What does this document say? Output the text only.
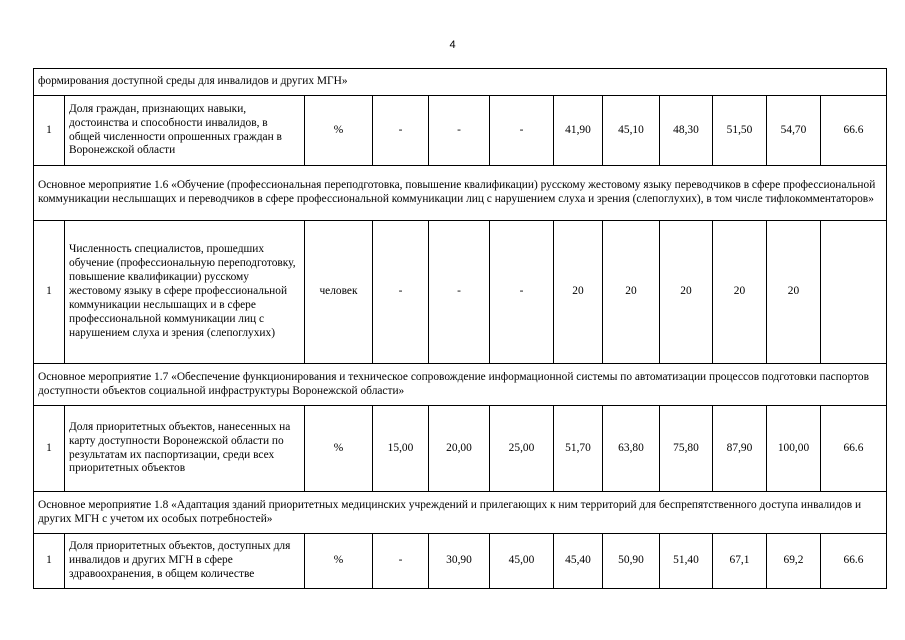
4
формирования доступной среды для инвалидов и других МГН»											
1	Доля граждан, признающих навыки, достоинства и способности инвалидов, в общей численности опрошенных граждан в Воронежской области	%	-	-	-	41,90	45,10	48,30	51,50	54,70	66.6
Основное мероприятие 1.6 «Обучение (профессиональная переподготовка, повышение квалификации) русскому жестовому языку переводчиков в сфере профессиональной коммуникации неслышащих и переводчиков в сфере профессиональной коммуникации лиц с нарушением слуха и зрения (слепоглухих), в том числе тифлокомментаторов»											
1	Численность специалистов, прошедших обучение (профессиональную переподготовку, повышение квалификации) русскому жестовому языку в сфере профессиональной коммуникации неслышащих и в сфере профессиональной коммуникации лиц с нарушением слуха и зрения (слепоглухих)	человек	-	-	-	20	20	20	20	20	
Основное мероприятие 1.7 «Обеспечение функционирования и техническое сопровождение информационной системы по автоматизации процессов подготовки паспортов доступности объектов социальной инфраструктуры Воронежской области»											
1	Доля приоритетных объектов, нанесенных на карту доступности Воронежской области по результатам их паспортизации, среди всех приоритетных объектов	%	15,00	20,00	25,00	51,70	63,80	75,80	87,90	100,00	66.6
Основное мероприятие 1.8 «Адаптация зданий приоритетных медицинских учреждений и прилегающих к ним территорий для беспрепятственного доступа инвалидов и других МГН с учетом их особых потребностей»											
1	Доля приоритетных объектов, доступных для инвалидов и других МГН в сфере здравоохранения, в общем количестве	%	-	30,90	45,00	45,40	50,90	51,40	67,1	69,2	66.6
